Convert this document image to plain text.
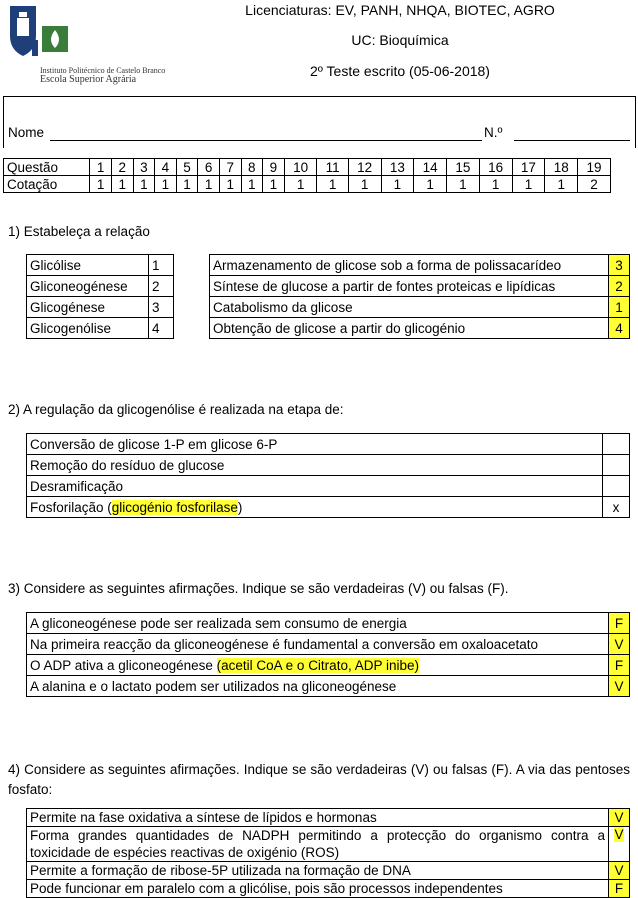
Instituto Politécnico de Castelo Branco
Escola Superior Agrária
Licenciaturas: EV, PANH, NHQA, BIOTEC, AGRO
UC: Bioquímica
2º Teste escrito (05-06-2018)
Nome	N.º
Questão	1	2	3	4	5	6	7	8	9	10	11	12	13	14	15	16	17	18	19
Cotação	1	1	1	1	1	1	1	1	1	1	1	1	1	1	1	1	1	1	2
1) Estabeleça a relação
Glicólise	1
Gliconeogénese	2
Glicogénese	3
Glicogenólise	4
Armazenamento de glicose sob a forma de polissacarídeo	3
Síntese de glucose a partir de fontes proteicas e lipídicas	2
Catabolismo da glicose	1
Obtenção de glicose a partir do glicogénio	4
2) A regulação da glicogenólise é realizada na etapa de:
Conversão de glicose 1-P em glicose 6-P	
Remoção do resíduo de glucose	
Desramificação	
Fosforilação (glicogénio fosforilase)	x
3) Considere as seguintes afirmações. Indique se são verdadeiras (V) ou falsas (F).
A gliconeogénese pode ser realizada sem consumo de energia	F
Na primeira reacção da gliconeogénese é fundamental a conversão em oxaloacetato	V
O ADP ativa a gliconeogénese (acetil CoA e o Citrato, ADP inibe)	F
A alanina e o lactato podem ser utilizados na gliconeogénese	V
4) Considere as seguintes afirmações. Indique se são verdadeiras (V) ou falsas (F). A via das pentoses fosfato:
Permite na fase oxidativa a síntese de lípidos e hormonas	V
Forma grandes quantidades de NADPH permitindo a protecção do organismo contra a toxicidade de espécies reactivas de oxigénio (ROS)	V
Permite a formação de ribose-5P utilizada na formação de DNA	V
Pode funcionar em paralelo com a glicólise, pois são processos independentes	F
